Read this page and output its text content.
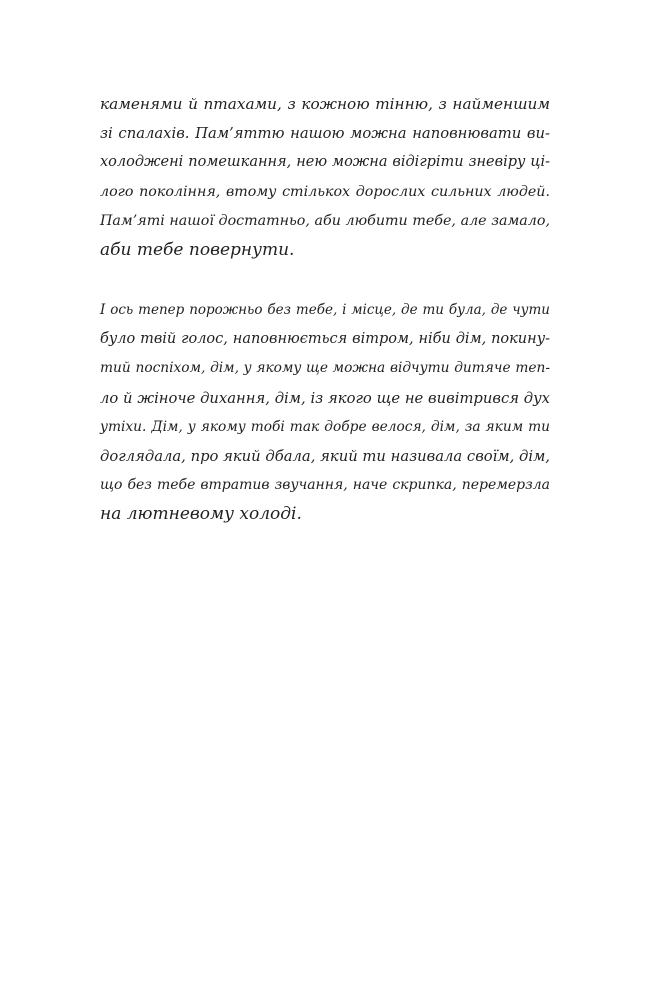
каменями й птахами, з кожною тінню, з найменшим
зі спалахів. Пам’яттю нашою можна наповнювати ви-
холоджені помешкання, нею можна відігріти зневіру ці-
лого покоління, втому стількох дорослих сильних людей.
Пам’яті нашої достатньо, аби любити тебе, але замало,
аби тебе повернути.
І ось тепер порожньо без тебе, і місце, де ти була, де чути
було твій голос, наповнюється вітром, ніби дім, покину-
тий поспіхом, дім, у якому ще можна відчути дитяче теп-
ло й жіноче дихання, дім, із якого ще не вивітрився дух
утіхи. Дім, у якому тобі так добре велося, дім, за яким ти
доглядала, про який дбала, який ти називала своїм, дім,
що без тебе втратив звучання, наче скрипка, перемерзла
на лютневому холоді.
